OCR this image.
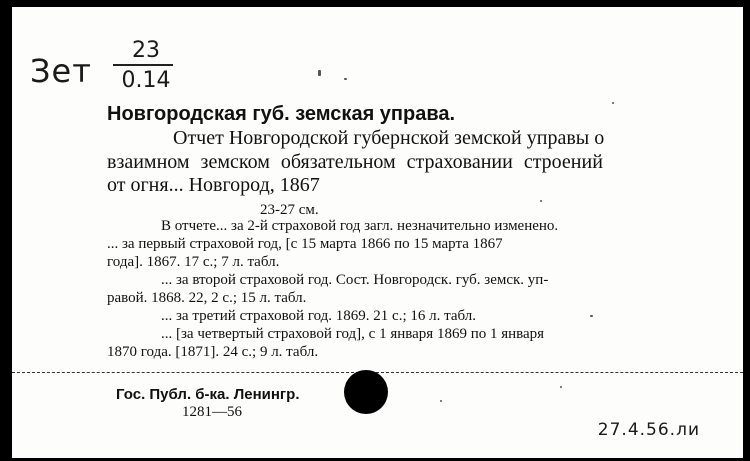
Зет
23
0.14
Новгородская губ. земская управа.
Отчет Новгородской губернской земской управы о
взаимном земском обязательном страховании строений
от огня... Новгород, 1867
23-27 см.
В отчете... за 2-й страховой год загл. незначительно изменено.
... за первый страховой год, [с 15 марта 1866 по 15 марта 1867
года]. 1867. 17 с.; 7 л. табл.
... за второй страховой год. Сост. Новгородск. губ. земск. уп-
равой. 1868. 22, 2 с.; 15 л. табл.
... за третий страховой год. 1869. 21 с.; 16 л. табл.
... [за четвертый страховой год], с 1 января 1869 по 1 января
1870 года. [1871]. 24 с.; 9 л. табл.
Гос. Публ. б-ка. Ленингр.
1281—56
27.4.56.ли
